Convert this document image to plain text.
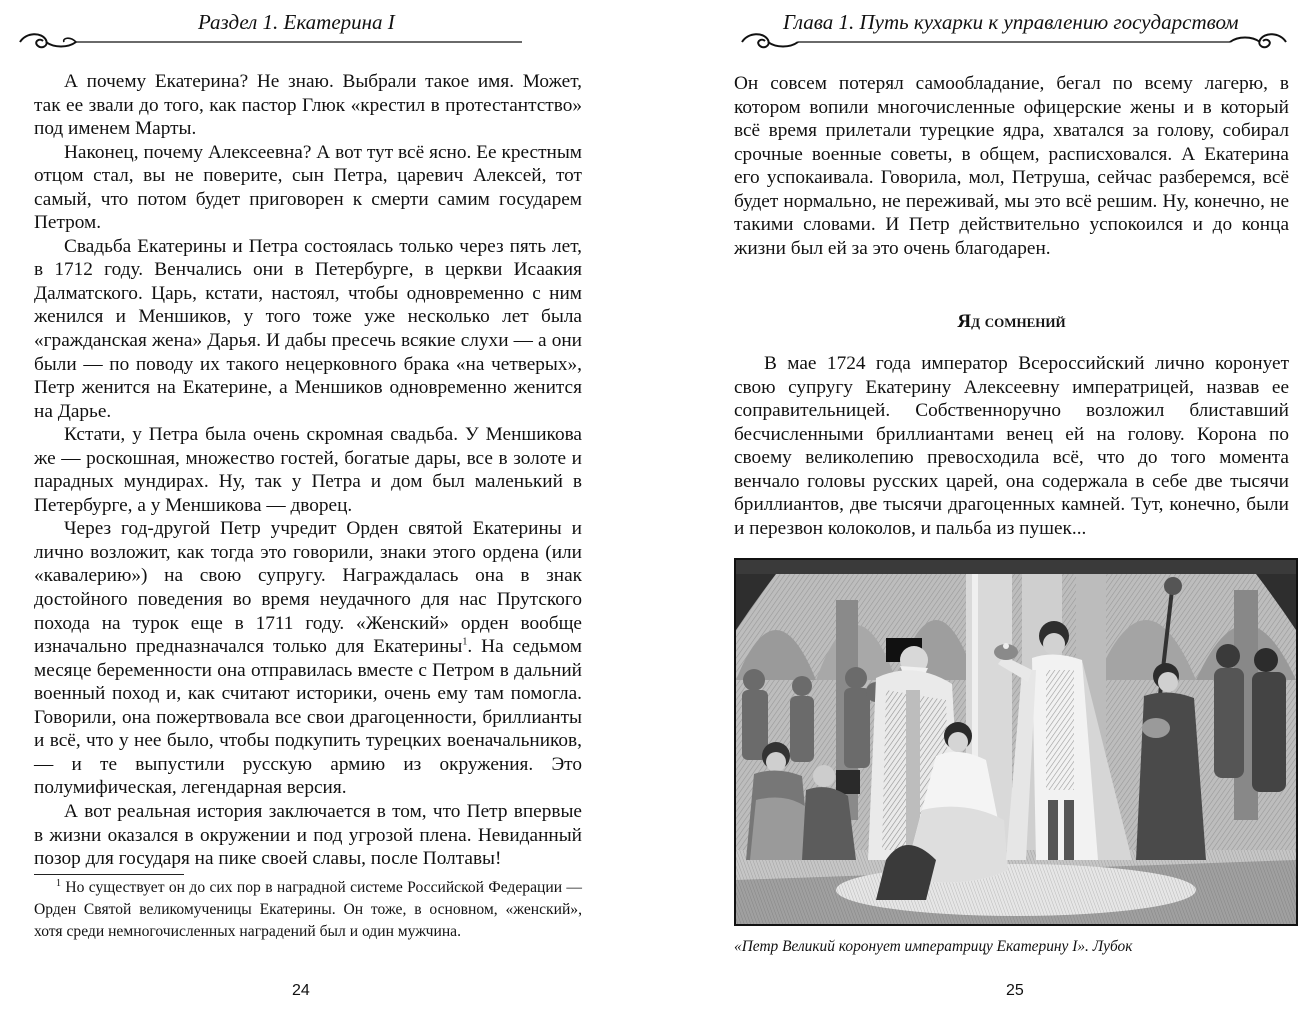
Раздел 1. Екатерина I

А почему Екатерина? Не знаю. Выбрали такое имя. Может, так ее звали до того, как пастор Глюк «крестил в протестантство» под именем Марты.

Наконец, почему Алексеевна? А вот тут всё ясно. Ее крестным отцом стал, вы не поверите, сын Петра, царевич Алексей, тот самый, что потом будет приговорен к смерти самим государем Петром.

Свадьба Екатерины и Петра состоялась только через пять лет, в 1712 году. Венчались они в Петербурге, в церкви Исаакия Далматского. Царь, кстати, настоял, чтобы одновременно с ним женился и Меншиков, у того тоже уже несколько лет была «гражданская жена» Дарья. И дабы пресечь всякие слухи — а они были — по поводу их такого нецерковного брака «на четверых», Петр женится на Екатерине, а Меншиков одновременно женится на Дарье.

Кстати, у Петра была очень скромная свадьба. У Меншикова же — роскошная, множество гостей, богатые дары, все в золоте и парадных мундирах. Ну, так у Петра и дом был маленький в Петербурге, а у Меншикова — дворец.

Через год-другой Петр учредит Орден святой Екатерины и лично возложит, как тогда это говорили, знаки этого ордена (или «кавалерию») на свою супругу. Награждалась она в знак достойного поведения во время неудачного для нас Прутского похода на турок еще в 1711 году. «Женский» орден вообще изначально предназначался только для Екатерины$^1$. На седьмом месяце беременности она отправилась вместе с Петром в дальний военный поход и, как считают историки, очень ему там помогла. Говорили, она пожертвовала все свои драгоценности, бриллианты и всё, что у нее было, чтобы подкупить турецких военачальников, — и те выпустили русскую армию из окружения. Это полумифическая, легендарная версия.

А вот реальная история заключается в том, что Петр впервые в жизни оказался в окружении и под угрозой плена. Невиданный позор для государя на пике своей славы, после Полтавы!

$^1$ Но существует он до сих пор в наградной системе Российской Федерации — Орден Святой великомученицы Екатерины. Он тоже, в основном, «женский», хотя среди немногочисленных наградений был и один мужчина.
24
Глава 1. Путь кухарки к управлению государством

Он совсем потерял самообладание, бегал по всему лагерю, в котором вопили многочисленные офицерские жены и в который всё время прилетали турецкие ядра, хватался за голову, собирал срочные военные советы, в общем, расписховался. А Екатерина его успокаивала. Говорила, мол, Петруша, сейчас разберемся, всё будет нормально, не переживай, мы это всё решим. Ну, конечно, не такими словами. И Петр действительно успокоился и до конца жизни был ей за это очень благодарен.

Яд сомнений

В мае 1724 года император Всероссийский лично коронует свою супругу Екатерину Алексеевну императрицей, назвав ее соправительницей. Собственноручно возложил блиставший бесчисленными бриллиантами венец ей на голову. Корона по своему великолепию превосходила всё, что до того момента венчало головы русских царей, она содержала в себе две тысячи бриллиантов, две тысячи драгоценных камней. Тут, конечно, были и перезвон колоколов, и пальба из пушек...

25
«Петр Великий коронует императрицу Екатерину I». Лубок
